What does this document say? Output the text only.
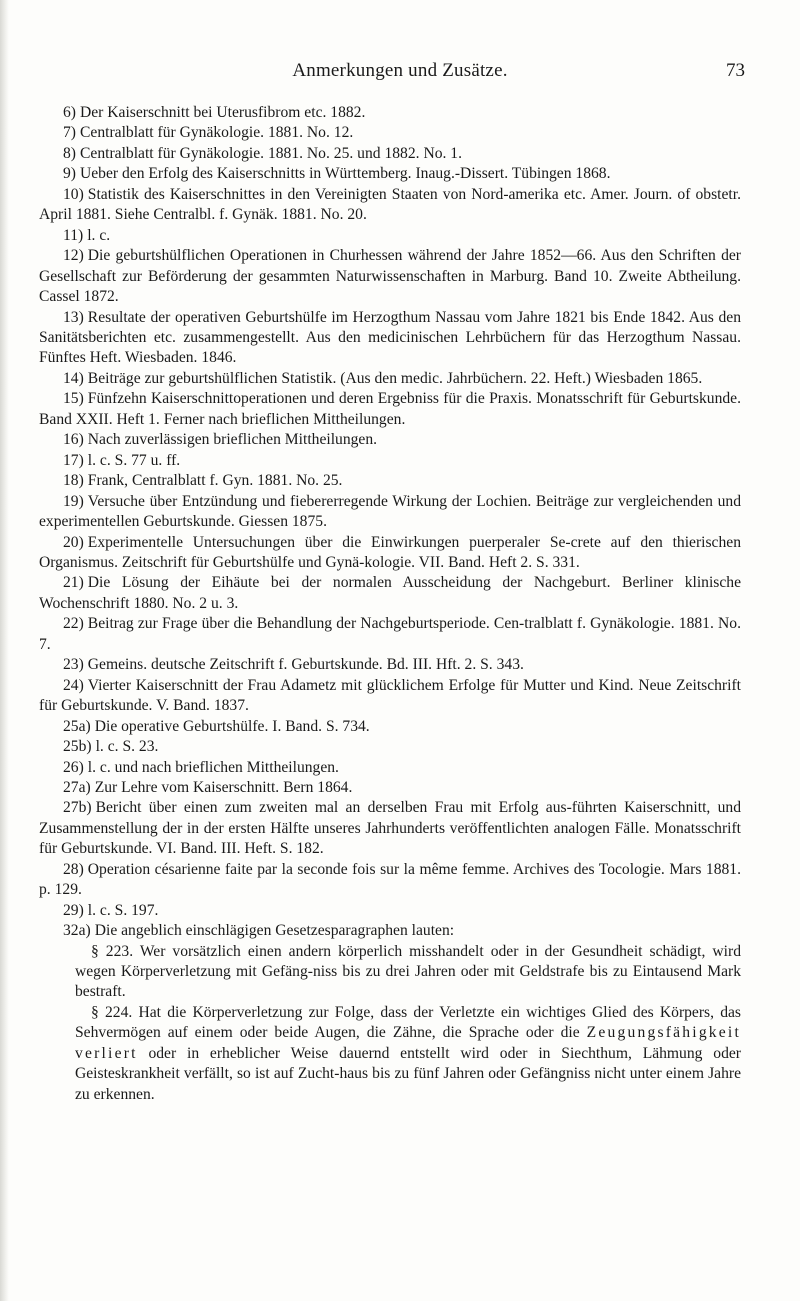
Anmerkungen und Zusätze.	73

6) Der Kaiserschnitt bei Uterusfibrom etc. 1882.

7) Centralblatt für Gynäkologie. 1881. No. 12.

8) Centralblatt für Gynäkologie. 1881. No. 25. und 1882. No. 1.

9) Ueber den Erfolg des Kaiserschnitts in Württemberg. Inaug.-Dissert. Tübingen 1868.

10) Statistik des Kaiserschnittes in den Vereinigten Staaten von Nord-amerika etc. Amer. Journ. of obstetr. April 1881. Siehe Centralbl. f. Gynäk. 1881. No. 20.

11) l. c.

12) Die geburtshülflichen Operationen in Churhessen während der Jahre 1852—66. Aus den Schriften der Gesellschaft zur Beförderung der gesammten Naturwissenschaften in Marburg. Band 10. Zweite Abtheilung. Cassel 1872.

13) Resultate der operativen Geburtshülfe im Herzogthum Nassau vom Jahre 1821 bis Ende 1842. Aus den Sanitätsberichten etc. zusammengestellt. Aus den medicinischen Lehrbüchern für das Herzogthum Nassau. Fünftes Heft. Wiesbaden. 1846.

14) Beiträge zur geburtshülflichen Statistik. (Aus den medic. Jahrbüchern. 22. Heft.) Wiesbaden 1865.

15) Fünfzehn Kaiserschnittoperationen und deren Ergebniss für die Praxis. Monatsschrift für Geburtskunde. Band XXII. Heft 1. Ferner nach brieflichen Mittheilungen.

16) Nach zuverlässigen brieflichen Mittheilungen.

17) l. c. S. 77 u. ff.

18) Frank, Centralblatt f. Gyn. 1881. No. 25.

19) Versuche über Entzündung und fiebererregende Wirkung der Lochien. Beiträge zur vergleichenden und experimentellen Geburtskunde. Giessen 1875.

20) Experimentelle Untersuchungen über die Einwirkungen puerperaler Se-crete auf den thierischen Organismus. Zeitschrift für Geburtshülfe und Gynä-kologie. VII. Band. Heft 2. S. 331.

21) Die Lösung der Eihäute bei der normalen Ausscheidung der Nachgeburt. Berliner klinische Wochenschrift 1880. No. 2 u. 3.

22) Beitrag zur Frage über die Behandlung der Nachgeburtsperiode. Cen-tralblatt f. Gynäkologie. 1881. No. 7.

23) Gemeins. deutsche Zeitschrift f. Geburtskunde. Bd. III. Hft. 2. S. 343.

24) Vierter Kaiserschnitt der Frau Adametz mit glücklichem Erfolge für Mutter und Kind. Neue Zeitschrift für Geburtskunde. V. Band. 1837.

25a) Die operative Geburtshülfe. I. Band. S. 734.

25b) l. c. S. 23.

26) l. c. und nach brieflichen Mittheilungen.

27a) Zur Lehre vom Kaiserschnitt. Bern 1864.

27b) Bericht über einen zum zweiten mal an derselben Frau mit Erfolg aus-führten Kaiserschnitt, und Zusammenstellung der in der ersten Hälfte unseres Jahrhunderts veröffentlichten analogen Fälle. Monatsschrift für Geburtskunde. VI. Band. III. Heft. S. 182.

28) Operation césarienne faite par la seconde fois sur la même femme. Archives des Tocologie. Mars 1881. p. 129.

29) l. c. S. 197.

32a) Die angeblich einschlägigen Gesetzesparagraphen lauten:

§ 223. Wer vorsätzlich einen andern körperlich misshandelt oder in der Gesundheit schädigt, wird wegen Körperverletzung mit Gefäng-niss bis zu drei Jahren oder mit Geldstrafe bis zu Eintausend Mark bestraft.

§ 224. Hat die Körperverletzung zur Folge, dass der Verletzte ein wichtiges Glied des Körpers, das Sehvermögen auf einem oder beide Augen, die Zähne, die Sprache oder die Zeugungsfähigkeit verliert oder in erheblicher Weise dauernd entstellt wird oder in Siechthum, Lähmung oder Geisteskrankheit verfällt, so ist auf Zucht-haus bis zu fünf Jahren oder Gefängniss nicht unter einem Jahre zu erkennen.
